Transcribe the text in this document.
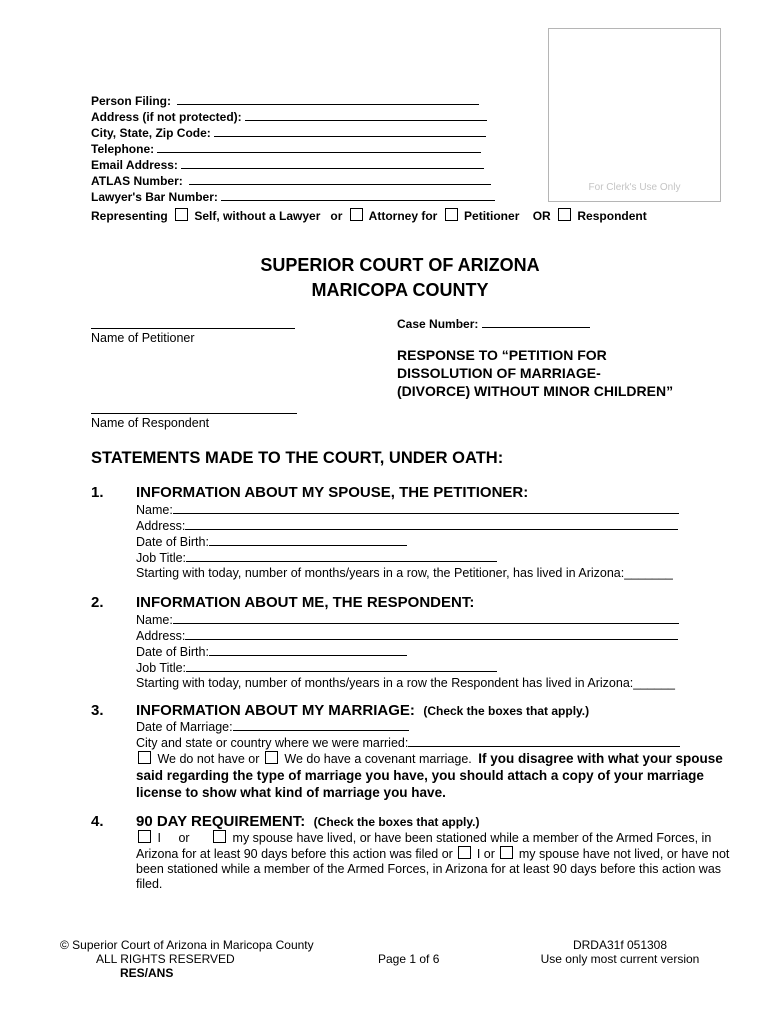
For Clerk's Use Only
Person Filing:
Address (if not protected):
City, State, Zip Code:
Telephone:
Email Address:
ATLAS Number:
Lawyer's Bar Number:
Representing Self, without a Lawyer or Attorney for Petitioner OR Respondent
SUPERIOR COURT OF ARIZONA
MARICOPA COUNTY
Name of Petitioner
Name of Respondent
Case Number:
RESPONSE TO “PETITION FOR
DISSOLUTION OF MARRIAGE-
(DIVORCE) WITHOUT MINOR CHILDREN”
STATEMENTS MADE TO THE COURT, UNDER OATH:
1. INFORMATION ABOUT MY SPOUSE, THE PETITIONER:
Name:
Address:
Date of Birth:
Job Title:
Starting with today, number of months/years in a row, the Petitioner, has lived in Arizona:_______
2. INFORMATION ABOUT ME, THE RESPONDENT:
Name:
Address:
Date of Birth:
Job Title:
Starting with today, number of months/years in a row the Respondent has lived in Arizona:______
3. INFORMATION ABOUT MY MARRIAGE: (Check the boxes that apply.)
Date of Marriage:
City and state or country where we were married:
We do not have or We do have a covenant marriage. If you disagree with what your spouse
said regarding the type of marriage you have, you should attach a copy of your marriage
license to show what kind of marriage you have.
4. 90 DAY REQUIREMENT: (Check the boxes that apply.)
I or	my spouse have lived, or have been stationed while a member of the Armed Forces, in
Arizona for at least 90 days before this action was filed or I or my spouse have not lived, or have not
been stationed while a member of the Armed Forces, in Arizona for at least 90 days before this action was
filed.
© Superior Court of Arizona in Maricopa County
ALL RIGHTS RESERVED
RES/ANS
Page 1 of 6
DRDA31f 051308
Use only most current version
